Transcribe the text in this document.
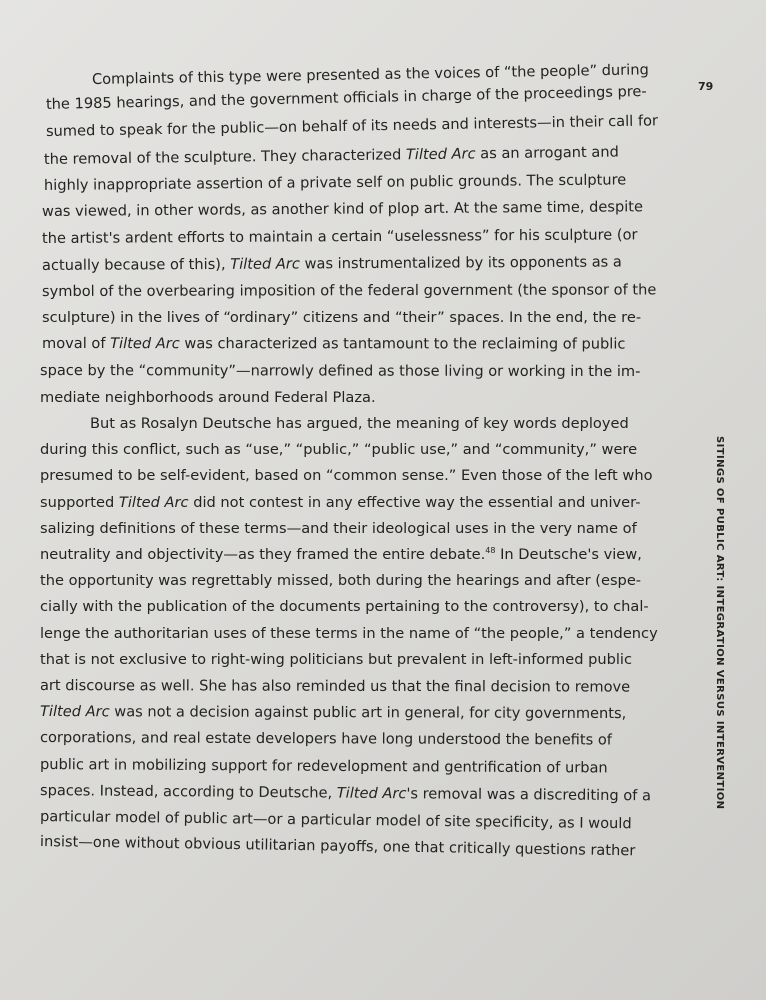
79
SITINGS OF PUBLIC ART: INTEGRATION VERSUS INTERVENTION
Complaints of this type were presented as the voices of “the people” during
the 1985 hearings, and the government officials in charge of the proceedings pre-
sumed to speak for the public—on behalf of its needs and interests—in their call for
the removal of the sculpture. They characterized Tilted Arc as an arrogant and
highly inappropriate assertion of a private self on public grounds. The sculpture
was viewed, in other words, as another kind of plop art. At the same time, despite
the artist's ardent efforts to maintain a certain “uselessness” for his sculpture (or
actually because of this), Tilted Arc was instrumentalized by its opponents as a
symbol of the overbearing imposition of the federal government (the sponsor of the
sculpture) in the lives of “ordinary” citizens and “their” spaces. In the end, the re-
moval of Tilted Arc was characterized as tantamount to the reclaiming of public
space by the “community”—narrowly defined as those living or working in the im-
mediate neighborhoods around Federal Plaza.
But as Rosalyn Deutsche has argued, the meaning of key words deployed
during this conflict, such as “use,” “public,” “public use,” and “community,” were
presumed to be self-evident, based on “common sense.” Even those of the left who
supported Tilted Arc did not contest in any effective way the essential and univer-
salizing definitions of these terms—and their ideological uses in the very name of
neutrality and objectivity—as they framed the entire debate.$^{48}$ In Deutsche's view,
the opportunity was regrettably missed, both during the hearings and after (espe-
cially with the publication of the documents pertaining to the controversy), to chal-
lenge the authoritarian uses of these terms in the name of “the people,” a tendency
that is not exclusive to right-wing politicians but prevalent in left-informed public
art discourse as well. She has also reminded us that the final decision to remove
Tilted Arc was not a decision against public art in general, for city governments,
corporations, and real estate developers have long understood the benefits of
public art in mobilizing support for redevelopment and gentrification of urban
spaces. Instead, according to Deutsche, Tilted Arc's removal was a discrediting of a
particular model of public art—or a particular model of site specificity, as I would
insist—one without obvious utilitarian payoffs, one that critically questions rather
